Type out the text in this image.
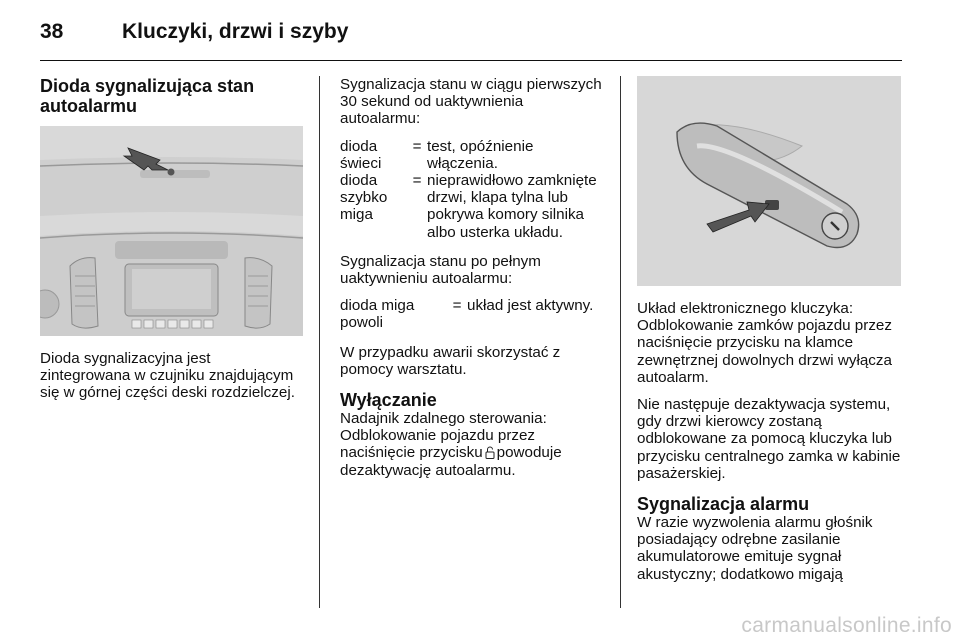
38	Kluczyki, drzwi i szyby
Dioda sygnalizująca stan autoalarmu

Dioda sygnalizacyjna jest zintegrowana w czujniku znajdującym się w górnej części deski rozdzielczej.

Sygnalizacja stanu w ciągu pierwszych 30 sekund od uaktywnienia autoalarmu:

dioda świeci
= test, opóźnienie włączenia.
dioda szybko miga
= nieprawidłowo zamknięte drzwi, klapa tylna lub pokrywa komory silnika albo usterka układu.

Sygnalizacja stanu po pełnym uaktywnieniu autoalarmu:

dioda miga powoli
= układ jest aktywny.

W przypadku awarii skorzystać z pomocy warsztatu.

Wyłączanie

Nadajnik zdalnego sterowania: Odblokowanie pojazdu przez naciśnięcie przycisku powoduje dezaktywację autoalarmu.

Układ elektronicznego kluczyka: Odblokowanie zamków pojazdu przez naciśnięcie przycisku na klamce zewnętrznej dowolnych drzwi wyłącza autoalarm.

Nie następuje dezaktywacja systemu, gdy drzwi kierowcy zostaną odblokowane za pomocą kluczyka lub przycisku centralnego zamka w kabinie pasażerskiej.

Sygnalizacja alarmu

W razie wyzwolenia alarmu głośnik posiadający odrębne zasilanie akumulatorowe emituje sygnał akustyczny; dodatkowo migają

carmanualsonline.info
